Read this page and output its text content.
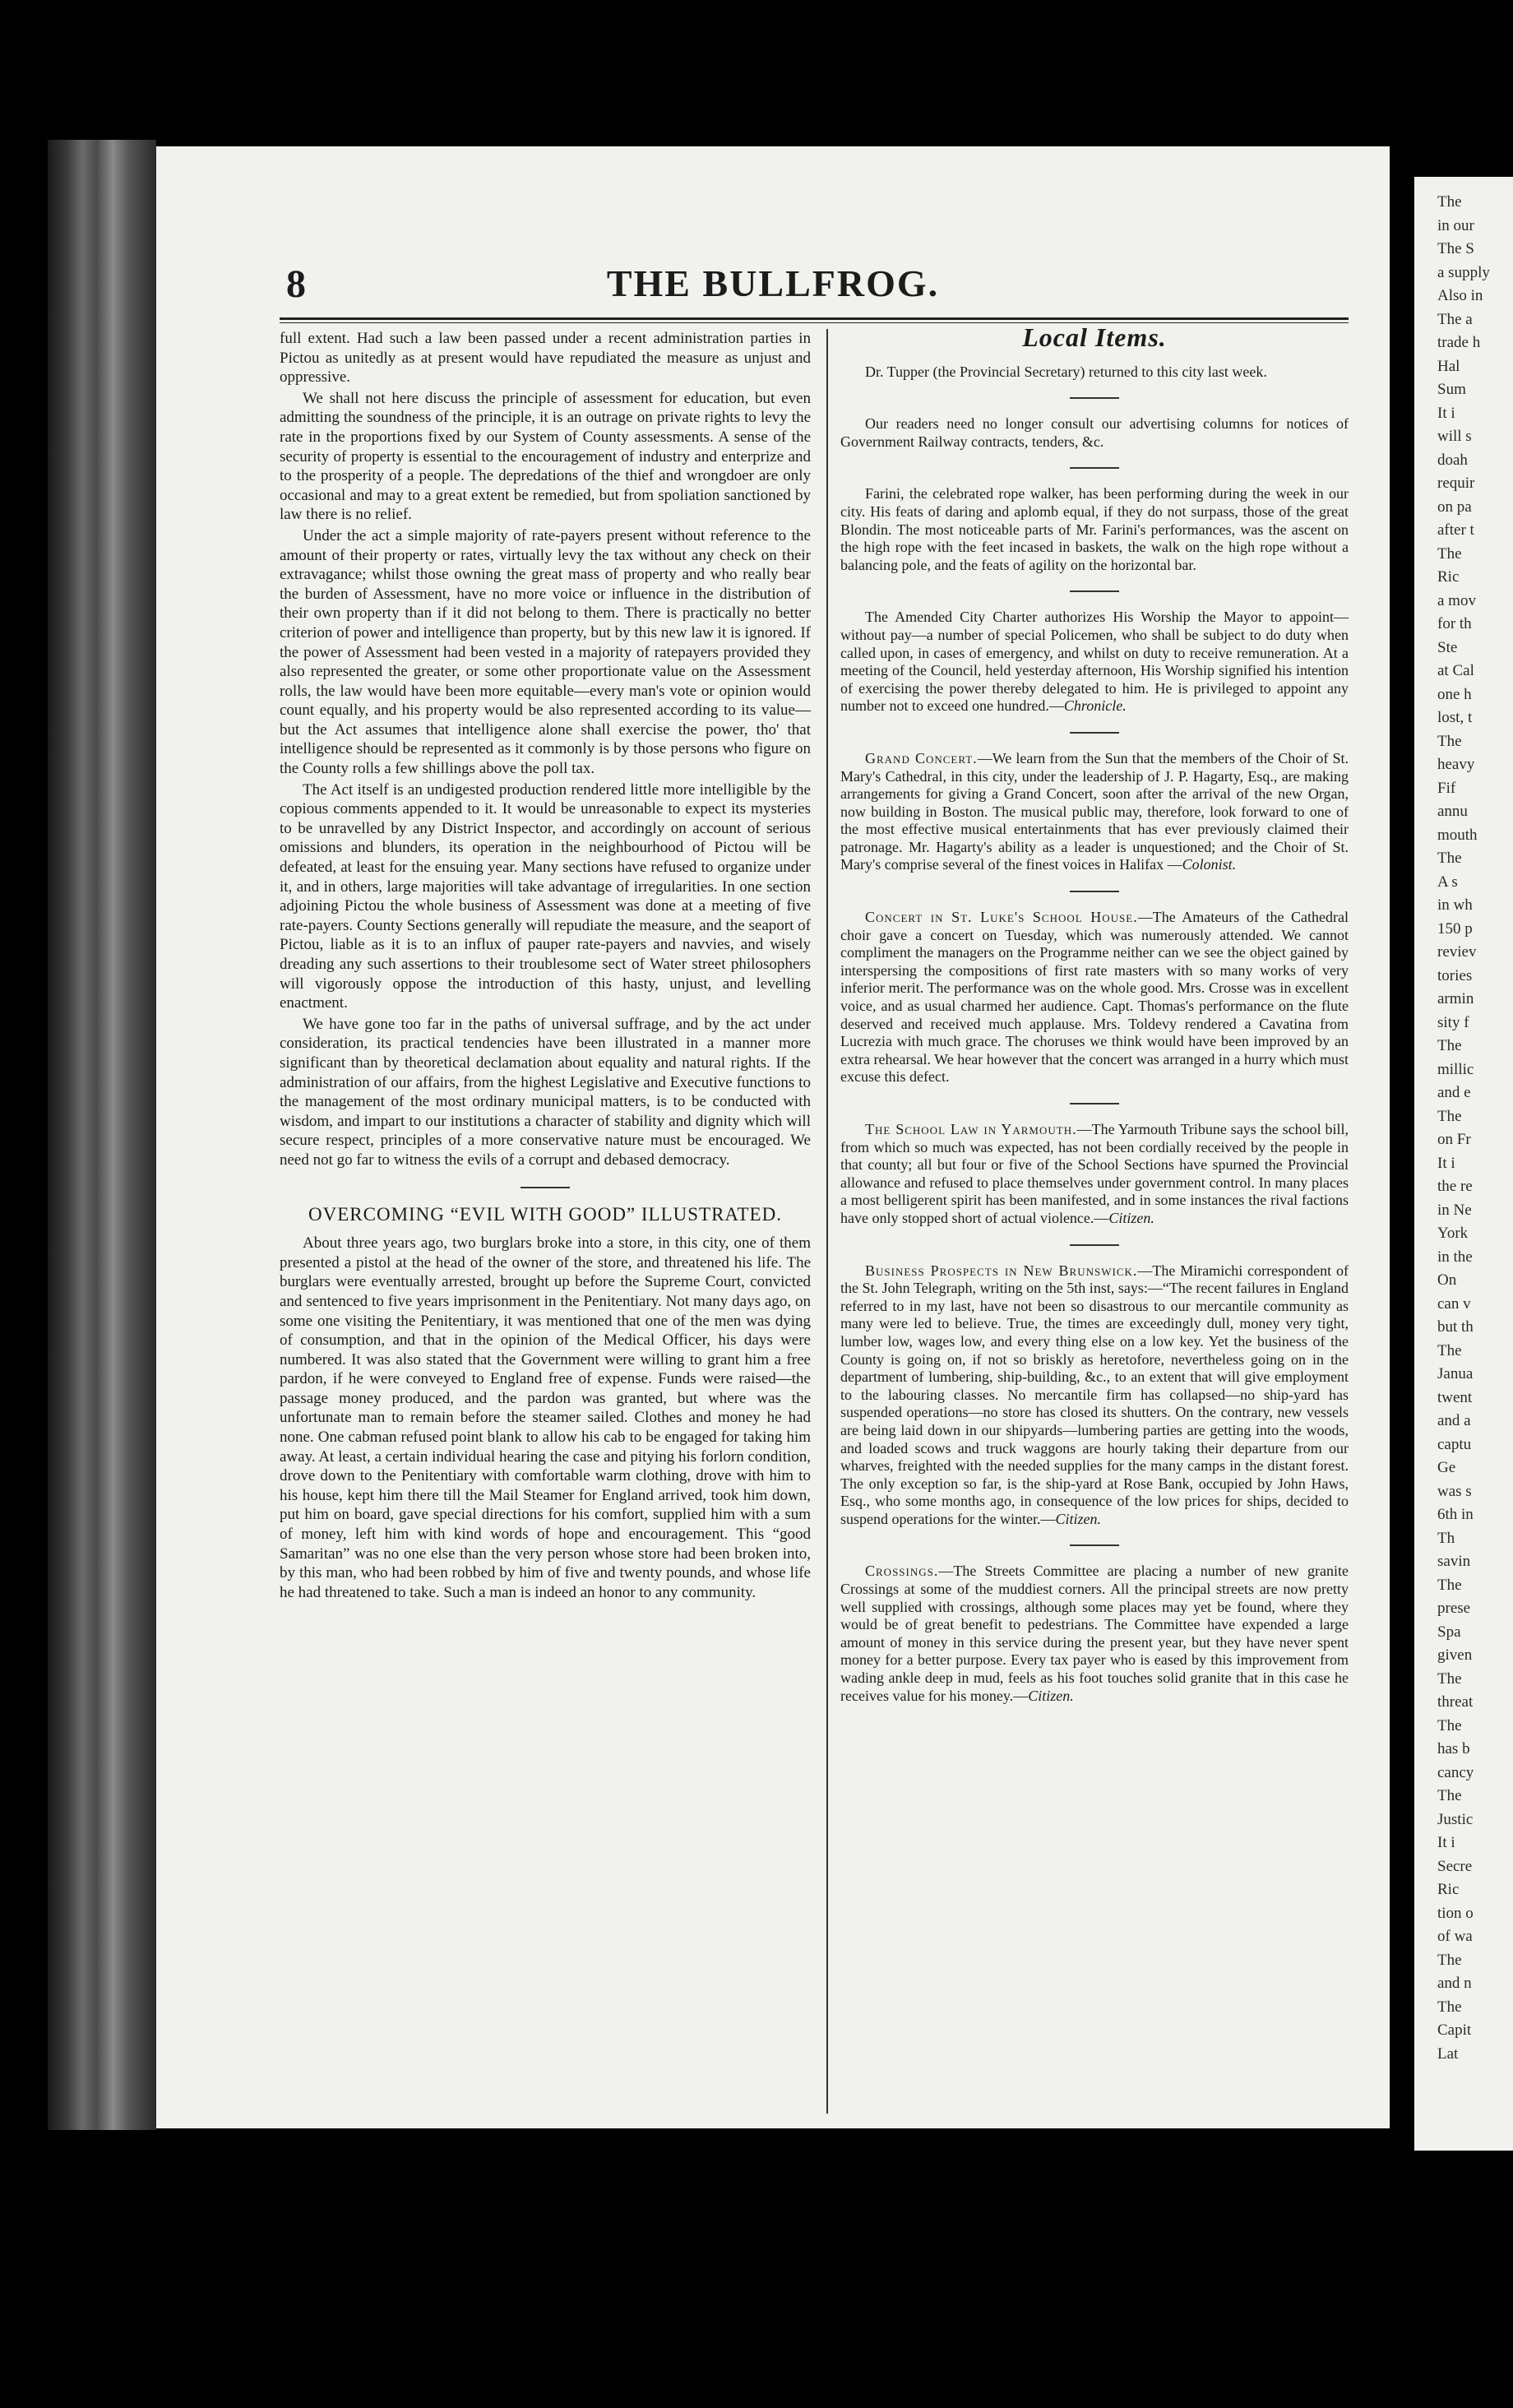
8	THE BULLFROG.

full extent. Had such a law been passed under a recent administration parties in Pictou as unitedly as at present would have repudiated the measure as unjust and oppressive.

We shall not here discuss the principle of assessment for education, but even admitting the soundness of the principle, it is an outrage on private rights to levy the rate in the proportions fixed by our System of County assessments. A sense of the security of property is essential to the encouragement of industry and enterprize and to the prosperity of a people. The depredations of the thief and wrongdoer are only occasional and may to a great extent be remedied, but from spoliation sanctioned by law there is no relief.

Under the act a simple majority of rate-payers present without reference to the amount of their property or rates, virtually levy the tax without any check on their extravagance; whilst those owning the great mass of property and who really bear the burden of Assessment, have no more voice or influence in the distribution of their own property than if it did not belong to them. There is practically no better criterion of power and intelligence than property, but by this new law it is ignored. If the power of Assessment had been vested in a majority of ratepayers provided they also represented the greater, or some other proportionate value on the Assessment rolls, the law would have been more equitable—every man's vote or opinion would count equally, and his property would be also represented according to its value—but the Act assumes that intelligence alone shall exercise the power, tho' that intelligence should be represented as it commonly is by those persons who figure on the County rolls a few shillings above the poll tax.

The Act itself is an undigested production rendered little more intelligible by the copious comments appended to it. It would be unreasonable to expect its mysteries to be unravelled by any District Inspector, and accordingly on account of serious omissions and blunders, its operation in the neighbourhood of Pictou will be defeated, at least for the ensuing year. Many sections have refused to organize under it, and in others, large majorities will take advantage of irregularities. In one section adjoining Pictou the whole business of Assessment was done at a meeting of five rate-payers. County Sections generally will repudiate the measure, and the seaport of Pictou, liable as it is to an influx of pauper rate-payers and navvies, and wisely dreading any such assertions to their troublesome sect of Water street philosophers will vigorously oppose the introduction of this hasty, unjust, and levelling enactment.

We have gone too far in the paths of universal suffrage, and by the act under consideration, its practical tendencies have been illustrated in a manner more significant than by theoretical declamation about equality and natural rights. If the administration of our affairs, from the highest Legislative and Executive functions to the management of the most ordinary municipal matters, is to be conducted with wisdom, and impart to our institutions a character of stability and dignity which will secure respect, principles of a more conservative nature must be encouraged. We need not go far to witness the evils of a corrupt and debased democracy.

OVERCOMING “EVIL WITH GOOD” ILLUSTRATED.

About three years ago, two burglars broke into a store, in this city, one of them presented a pistol at the head of the owner of the store, and threatened his life. The burglars were eventually arrested, brought up before the Supreme Court, convicted and sentenced to five years imprisonment in the Penitentiary. Not many days ago, on some one visiting the Penitentiary, it was mentioned that one of the men was dying of consumption, and that in the opinion of the Medical Officer, his days were numbered. It was also stated that the Government were willing to grant him a free pardon, if he were conveyed to England free of expense. Funds were raised—the passage money produced, and the pardon was granted, but where was the unfortunate man to remain before the steamer sailed. Clothes and money he had none. One cabman refused point blank to allow his cab to be engaged for taking him away. At least, a certain individual hearing the case and pitying his forlorn condition, drove down to the Penitentiary with comfortable warm clothing, drove with him to his house, kept him there till the Mail Steamer for England arrived, took him down, put him on board, gave special directions for his comfort, supplied him with a sum of money, left him with kind words of hope and encouragement. This “good Samaritan” was no one else than the very person whose store had been broken into, by this man, who had been robbed by him of five and twenty pounds, and whose life he had threatened to take. Such a man is indeed an honor to any community.

Local Items.

Dr. Tupper (the Provincial Secretary) returned to this city last week.

Our readers need no longer consult our advertising columns for notices of Government Railway contracts, tenders, &c.

Farini, the celebrated rope walker, has been performing during the week in our city. His feats of daring and aplomb equal, if they do not surpass, those of the great Blondin. The most noticeable parts of Mr. Farini's performances, was the ascent on the high rope with the feet incased in baskets, the walk on the high rope without a balancing pole, and the feats of agility on the horizontal bar.

The Amended City Charter authorizes His Worship the Mayor to appoint—without pay—a number of special Policemen, who shall be subject to do duty when called upon, in cases of emergency, and whilst on duty to receive remuneration. At a meeting of the Council, held yesterday afternoon, His Worship signified his intention of exercising the power thereby delegated to him. He is privileged to appoint any number not to exceed one hundred.—Chronicle.

Grand Concert.—We learn from the Sun that the members of the Choir of St. Mary's Cathedral, in this city, under the leadership of J. P. Hagarty, Esq., are making arrangements for giving a Grand Concert, soon after the arrival of the new Organ, now building in Boston. The musical public may, therefore, look forward to one of the most effective musical entertainments that has ever previously claimed their patronage. Mr. Hagarty's ability as a leader is unquestioned; and the Choir of St. Mary's comprise several of the finest voices in Halifax —Colonist.

Concert in St. Luke's School House.—The Amateurs of the Cathedral choir gave a concert on Tuesday, which was numerously attended. We cannot compliment the managers on the Programme neither can we see the object gained by interspersing the compositions of first rate masters with so many works of very inferior merit. The performance was on the whole good. Mrs. Crosse was in excellent voice, and as usual charmed her audience. Capt. Thomas's performance on the flute deserved and received much applause. Mrs. Toldevy rendered a Cavatina from Lucrezia with much grace. The choruses we think would have been improved by an extra rehearsal. We hear however that the concert was arranged in a hurry which must excuse this defect.

The School Law in Yarmouth.—The Yarmouth Tribune says the school bill, from which so much was expected, has not been cordially received by the people in that county; all but four or five of the School Sections have spurned the Provincial allowance and refused to place themselves under government control. In many places a most belligerent spirit has been manifested, and in some instances the rival factions have only stopped short of actual violence.—Citizen.

Business Prospects in New Brunswick.—The Miramichi correspondent of the St. John Telegraph, writing on the 5th inst, says:—“The recent failures in England referred to in my last, have not been so disastrous to our mercantile community as many were led to believe. True, the times are exceedingly dull, money very tight, lumber low, wages low, and every thing else on a low key. Yet the business of the County is going on, if not so briskly as heretofore, nevertheless going on in the department of lumbering, ship-building, &c., to an extent that will give employment to the labouring classes. No mercantile firm has collapsed—no ship-yard has suspended operations—no store has closed its shutters. On the contrary, new vessels are being laid down in our shipyards—lumbering parties are getting into the woods, and loaded scows and truck waggons are hourly taking their departure from our wharves, freighted with the needed supplies for the many camps in the distant forest. The only exception so far, is the ship-yard at Rose Bank, occupied by John Haws, Esq., who some months ago, in consequence of the low prices for ships, decided to suspend operations for the winter.—Citizen.

Crossings.—The Streets Committee are placing a number of new granite Crossings at some of the muddiest corners. All the principal streets are now pretty well supplied with crossings, although some places may yet be found, where they would be of great benefit to pedestrians. The Committee have expended a large amount of money in this service during the present year, but they have never spent money for a better purpose. Every tax payer who is eased by this improvement from wading ankle deep in mud, feels as his foot touches solid granite that in this case he receives value for his money.—Citizen.

The
in our
The S
a supply
Also in
The a
trade h
Hal
Sum
It i
will s
doah
requir
on pa
after t
The
Ric
a mov
for th
Ste
at Cal
one h
lost, t
The
heavy
Fif
annu
mouth
The
A s
in wh
150 p
reviev
tories
armin
sity f
The
millic
and e
The
on Fr
It i
the re
in Ne
York
in the
On
can v
but th
The
Janua
twent
and a
captu
Ge
was s
6th in
Th
savin
The
prese
Spa
given
The
threat
The
has b
cancy
The
Justic
It i
Secre
Ric
tion o
of wa
The
and n
The
Capit
Lat
